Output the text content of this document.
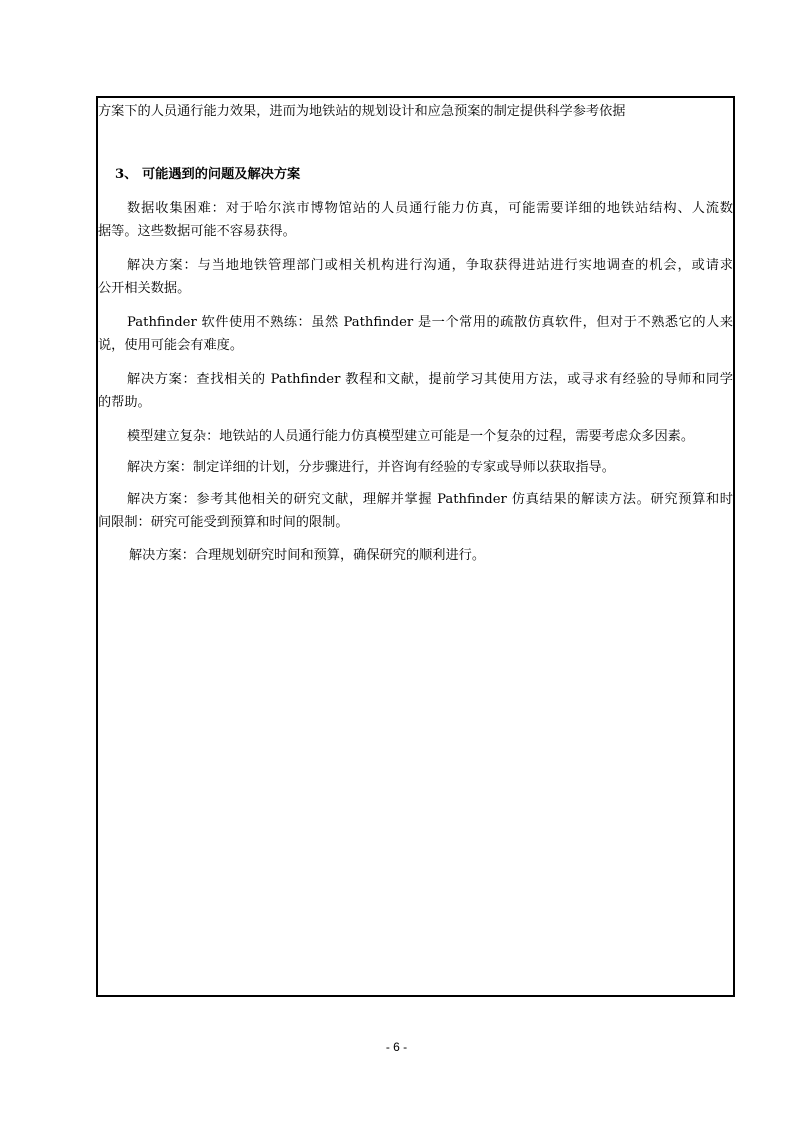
方案下的人员通行能力效果，进而为地铁站的规划设计和应急预案的制定提供科学参考依据
3、 可能遇到的问题及解决方案
数据收集困难：对于哈尔滨市博物馆站的人员通行能力仿真，可能需要详细的地铁站结构、人流数
据等。这些数据可能不容易获得。
解决方案：与当地地铁管理部门或相关机构进行沟通，争取获得进站进行实地调查的机会，或请求
公开相关数据。
Pathfinder 软件使用不熟练：虽然 Pathfinder 是一个常用的疏散仿真软件，但对于不熟悉它的人来
说，使用可能会有难度。
解决方案：查找相关的 Pathfinder 教程和文献，提前学习其使用方法，或寻求有经验的导师和同学
的帮助。
模型建立复杂：地铁站的人员通行能力仿真模型建立可能是一个复杂的过程，需要考虑众多因素。
解决方案：制定详细的计划，分步骤进行，并咨询有经验的专家或导师以获取指导。
解决方案：参考其他相关的研究文献，理解并掌握 Pathfinder 仿真结果的解读方法。研究预算和时
间限制：研究可能受到预算和时间的限制。
解决方案：合理规划研究时间和预算，确保研究的顺利进行。
- 6 -
